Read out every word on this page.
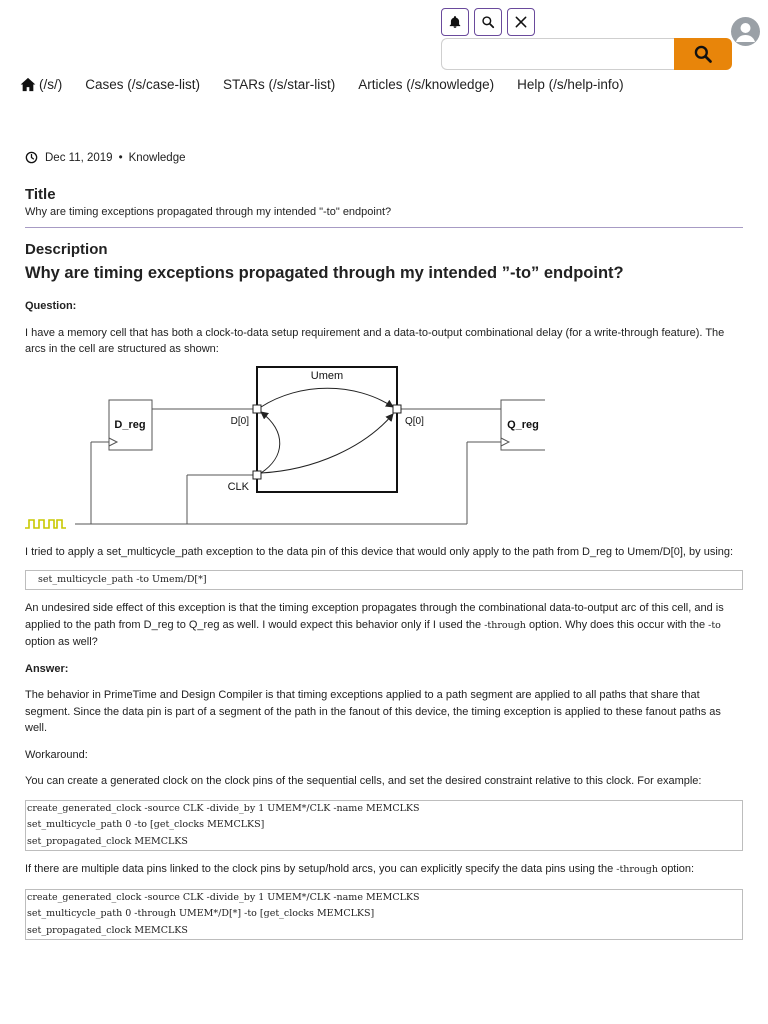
(/s/) Cases (/s/case-list) STARs (/s/star-list) Articles (/s/knowledge) Help (/s/help-info)
Dec 11, 2019 • Knowledge
Title

Why are timing exceptions propagated through my intended "-to" endpoint?

Description
Why are timing exceptions propagated through my intended ”-to” endpoint?

Question:

I have a memory cell that has both a clock-to-data setup requirement and a data-to-output combinational delay (for a write-through feature). The arcs in the cell are structured as shown:

I tried to apply a set_multicycle_path exception to the data pin of this device that would only apply to the path from D_reg to Umem/D[0], by using:

set_multicycle_path -to Umem/D[*]

An undesired side effect of this exception is that the timing exception propagates through the combinational data-to-output arc of this cell, and is applied to the path from D_reg to Q_reg as well. I would expect this behavior only if I used the -through option. Why does this occur with the -to option as well?

Answer:

The behavior in PrimeTime and Design Compiler is that timing exceptions applied to a path segment are applied to all paths that share that segment. Since the data pin is part of a segment of the path in the fanout of this device, the timing exception is applied to these fanout paths as well.

Workaround:

You can create a generated clock on the clock pins of the sequential cells, and set the desired constraint relative to this clock. For example:

create_generated_clock -source CLK -divide_by 1 UMEM*/CLK -name MEMCLKS
set_multicycle_path 0 -to [get_clocks MEMCLKS]
set_propagated_clock MEMCLKS

If there are multiple data pins linked to the clock pins by setup/hold arcs, you can explicitly specify the data pins using the -through option:

create_generated_clock -source CLK -divide_by 1 UMEM*/CLK -name MEMCLKS
set_multicycle_path 0 -through UMEM*/D[*] -to [get_clocks MEMCLKS]
set_propagated_clock MEMCLKS
Umem
D_reg	Q_reg
D[0]	Q[0]
CLK
